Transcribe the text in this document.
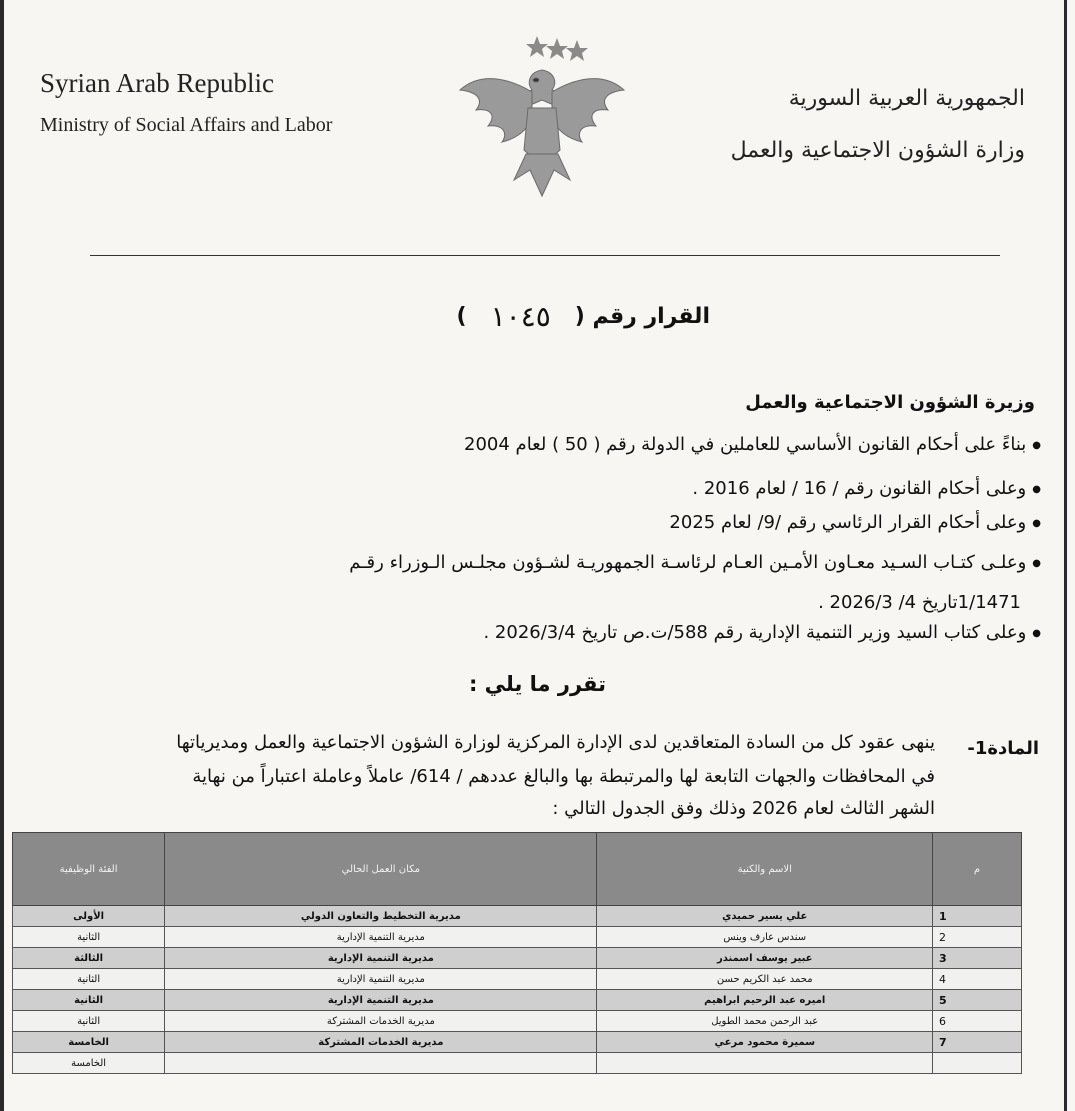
Syrian Arab Republic
Ministry of Social Affairs and Labor
الجمهورية العربية السورية
وزارة الشؤون الاجتماعية والعمل
القرار رقم (
١٠٤٥
)
وزيرة الشؤون الاجتماعية والعمل
● بناءً على أحكام القانون الأساسي للعاملين في الدولة رقم ( 50 ) لعام 2004
● وعلى أحكام القانون رقم / 16 / لعام 2016 .
● وعلى أحكام القرار الرئاسي رقم /9/ لعام 2025
● وعلـى كتـاب السـيد معـاون الأمـين العـام لرئاسـة الجمهوريـة لشـؤون مجلـس الـوزراء رقـم
1/1471تاريخ 4/ 2026/3 .
● وعلى كتاب السيد وزير التنمية الإدارية رقم 588/ت.ص تاريخ 2026/3/4 .
تقرر ما يلي :
المادة1-
ينهى عقود كل من السادة المتعاقدين لدى الإدارة المركزية لوزارة الشؤون الاجتماعية والعمل ومديرياتها
في المحافظات والجهات التابعة لها والمرتبطة بها والبالغ عددهم / 614/ عاملاً وعاملة اعتباراً من نهاية
الشهر الثالث لعام 2026 وذلك وفق الجدول التالي :
م	الاسم والكنية	مكان العمل الحالي	الفئة الوظيفية
1	علي يسير حميدي	مديرية التخطيط والتعاون الدولي	الأولى
2	سندس عارف وينس	مديرية التنمية الإدارية	الثانية
3	عبير يوسف اسمندر	مديرية التنمية الإدارية	الثالثة
4	محمد عبد الكريم حسن	مديرية التنمية الإدارية	الثانية
5	اميره عبد الرحيم ابراهيم	مديرية التنمية الإدارية	الثانية
6	عبد الرحمن محمد الطويل	مديرية الخدمات المشتركة	الثانية
7	سميرة محمود مرعي	مديرية الخدمات المشتركة	الخامسة
			الخامسة
